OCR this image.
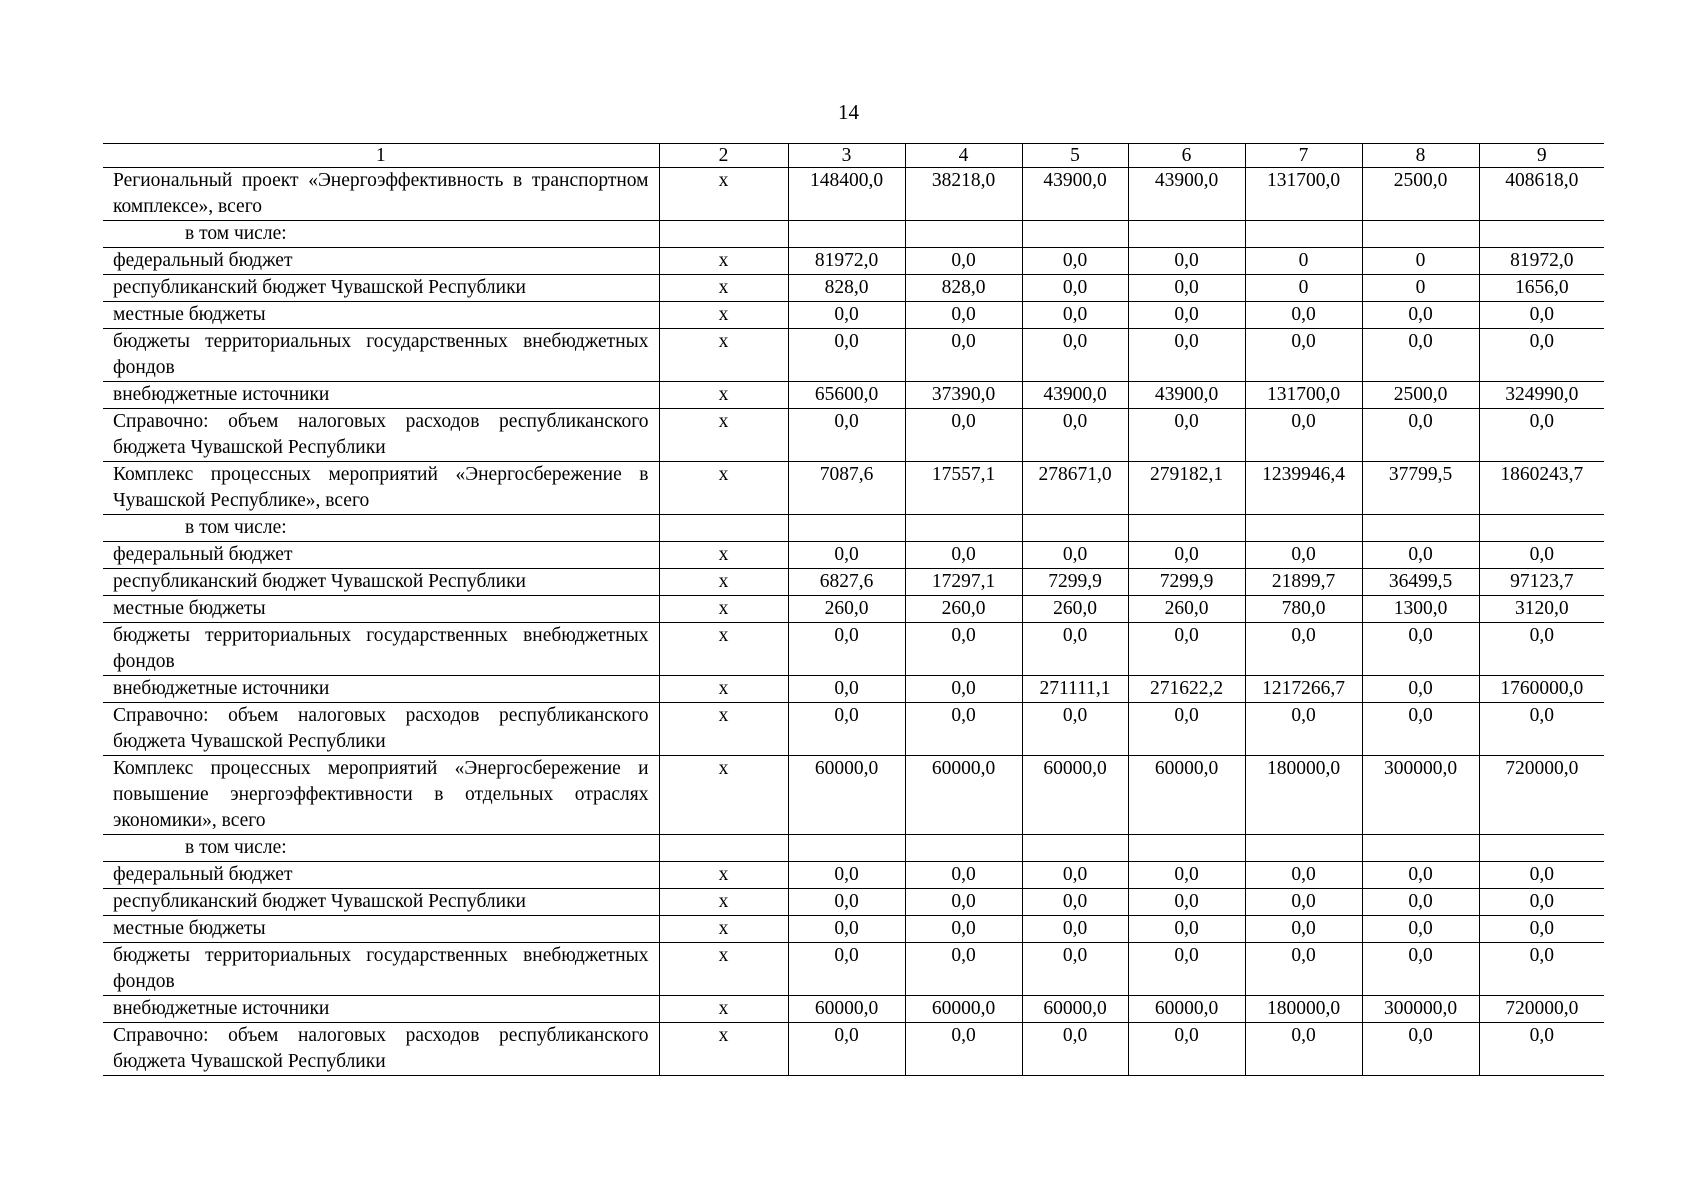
14
1	2	3	4	5	6	7	8	9
Региональный проект «Энергоэффективность в транспортном комплексе», всего	x	148400,0	38218,0	43900,0	43900,0	131700,0	2500,0	408618,0
в том числе:								
федеральный бюджет	x	81972,0	0,0	0,0	0,0	0	0	81972,0
республиканский бюджет Чувашской Республики	x	828,0	828,0	0,0	0,0	0	0	1656,0
местные бюджеты	x	0,0	0,0	0,0	0,0	0,0	0,0	0,0
бюджеты территориальных государственных внебюджетных фондов	x	0,0	0,0	0,0	0,0	0,0	0,0	0,0
внебюджетные источники	x	65600,0	37390,0	43900,0	43900,0	131700,0	2500,0	324990,0
Справочно: объем налоговых расходов республиканского бюджета Чувашской Республики	x	0,0	0,0	0,0	0,0	0,0	0,0	0,0
Комплекс процессных мероприятий «Энергосбережение в Чувашской Республике», всего	x	7087,6	17557,1	278671,0	279182,1	1239946,4	37799,5	1860243,7
в том числе:								
федеральный бюджет	x	0,0	0,0	0,0	0,0	0,0	0,0	0,0
республиканский бюджет Чувашской Республики	x	6827,6	17297,1	7299,9	7299,9	21899,7	36499,5	97123,7
местные бюджеты	x	260,0	260,0	260,0	260,0	780,0	1300,0	3120,0
бюджеты территориальных государственных внебюджетных фондов	x	0,0	0,0	0,0	0,0	0,0	0,0	0,0
внебюджетные источники	x	0,0	0,0	271111,1	271622,2	1217266,7	0,0	1760000,0
Справочно: объем налоговых расходов республиканского бюджета Чувашской Республики	x	0,0	0,0	0,0	0,0	0,0	0,0	0,0
Комплекс процессных мероприятий «Энергосбережение и повышение энергоэффективности в отдельных отраслях экономики», всего	x	60000,0	60000,0	60000,0	60000,0	180000,0	300000,0	720000,0
в том числе:								
федеральный бюджет	x	0,0	0,0	0,0	0,0	0,0	0,0	0,0
республиканский бюджет Чувашской Республики	x	0,0	0,0	0,0	0,0	0,0	0,0	0,0
местные бюджеты	x	0,0	0,0	0,0	0,0	0,0	0,0	0,0
бюджеты территориальных государственных внебюджетных фондов	x	0,0	0,0	0,0	0,0	0,0	0,0	0,0
внебюджетные источники	x	60000,0	60000,0	60000,0	60000,0	180000,0	300000,0	720000,0
Справочно: объем налоговых расходов республиканского бюджета Чувашской Республики	x	0,0	0,0	0,0	0,0	0,0	0,0	0,0
